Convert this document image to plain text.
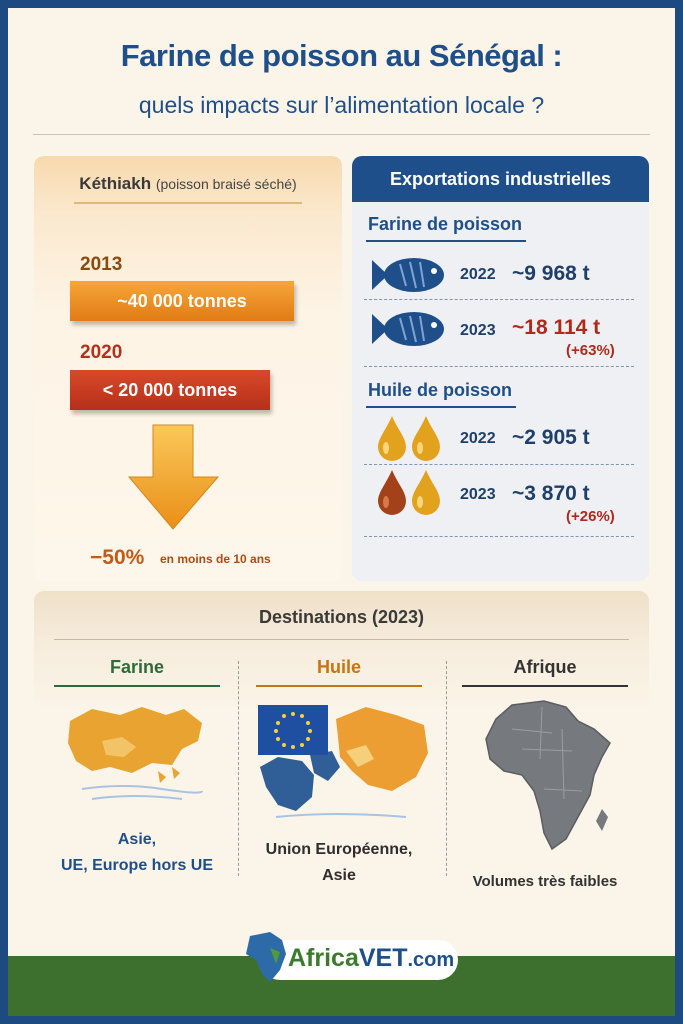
Farine de poisson au Sénégal :
quels impacts sur l’alimentation locale ?
Kéthiakh (poisson braisé séché)
2013
~40 000 tonnes
2020
< 20 000 tonnes
−50% en moins de 10 ans
Exportations industrielles
Farine de poisson
2022 ~9 968 t
2023 ~18 114 t
(+63%)
Huile de poisson
2022 ~2 905 t
2023 ~3 870 t
(+26%)
Destinations (2023)
Farine
Asie,
UE, Europe hors UE
Huile
Union Européenne,
Asie
Afrique
Volumes très faibles
AfricaVET.com
